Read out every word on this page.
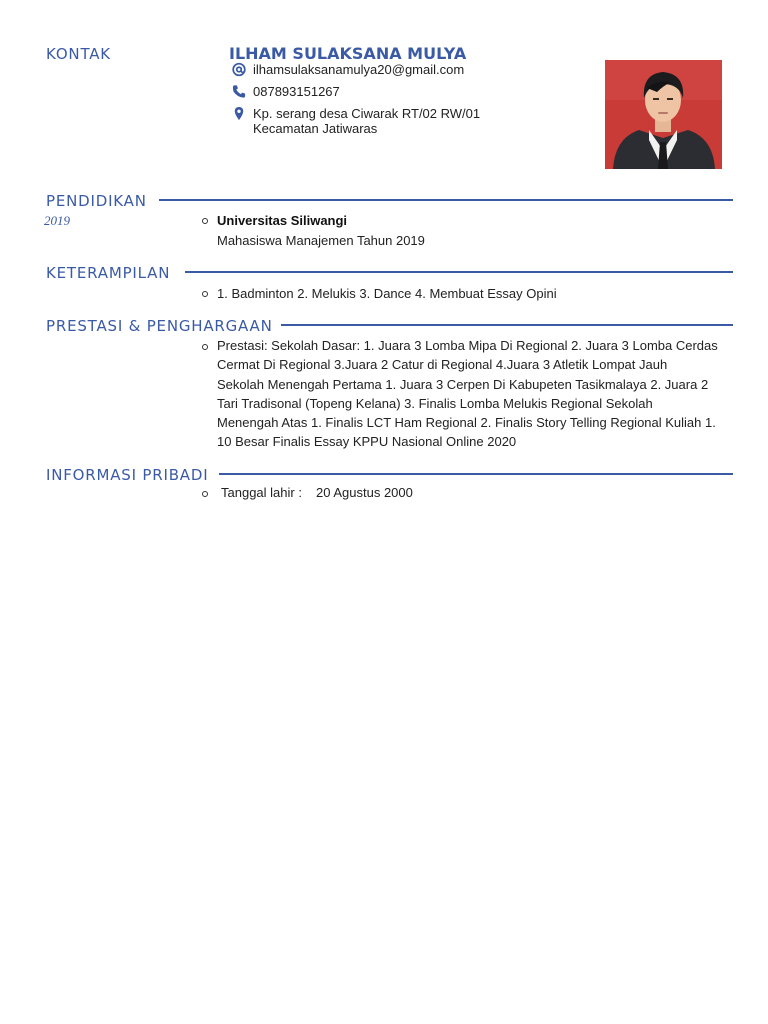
KONTAK	ILHAM SULAKSANA MULYA
ilhamsulaksanamulya20@gmail.com
087893151267
Kp. serang desa Ciwarak RT/02 RW/01
Kecamatan Jatiwaras
PENDIDIKAN
2019	Universitas Siliwangi
Mahasiswa Manajemen Tahun 2019
KETERAMPILAN
1. Badminton 2. Melukis 3. Dance 4. Membuat Essay Opini
PRESTASI & PENGHARGAAN
Prestasi: Sekolah Dasar: 1. Juara 3 Lomba Mipa Di Regional 2. Juara 3 Lomba Cerdas
Cermat Di Regional 3.Juara 2 Catur di Regional 4.Juara 3 Atletik Lompat Jauh
Sekolah Menengah Pertama 1. Juara 3 Cerpen Di Kabupeten Tasikmalaya 2. Juara 2
Tari Tradisonal (Topeng Kelana) 3. Finalis Lomba Melukis Regional Sekolah
Menengah Atas 1. Finalis LCT Ham Regional 2. Finalis Story Telling Regional Kuliah 1.
10 Besar Finalis Essay KPPU Nasional Online 2020
INFORMASI PRIBADI
Tanggal lahir : 20 Agustus 2000
